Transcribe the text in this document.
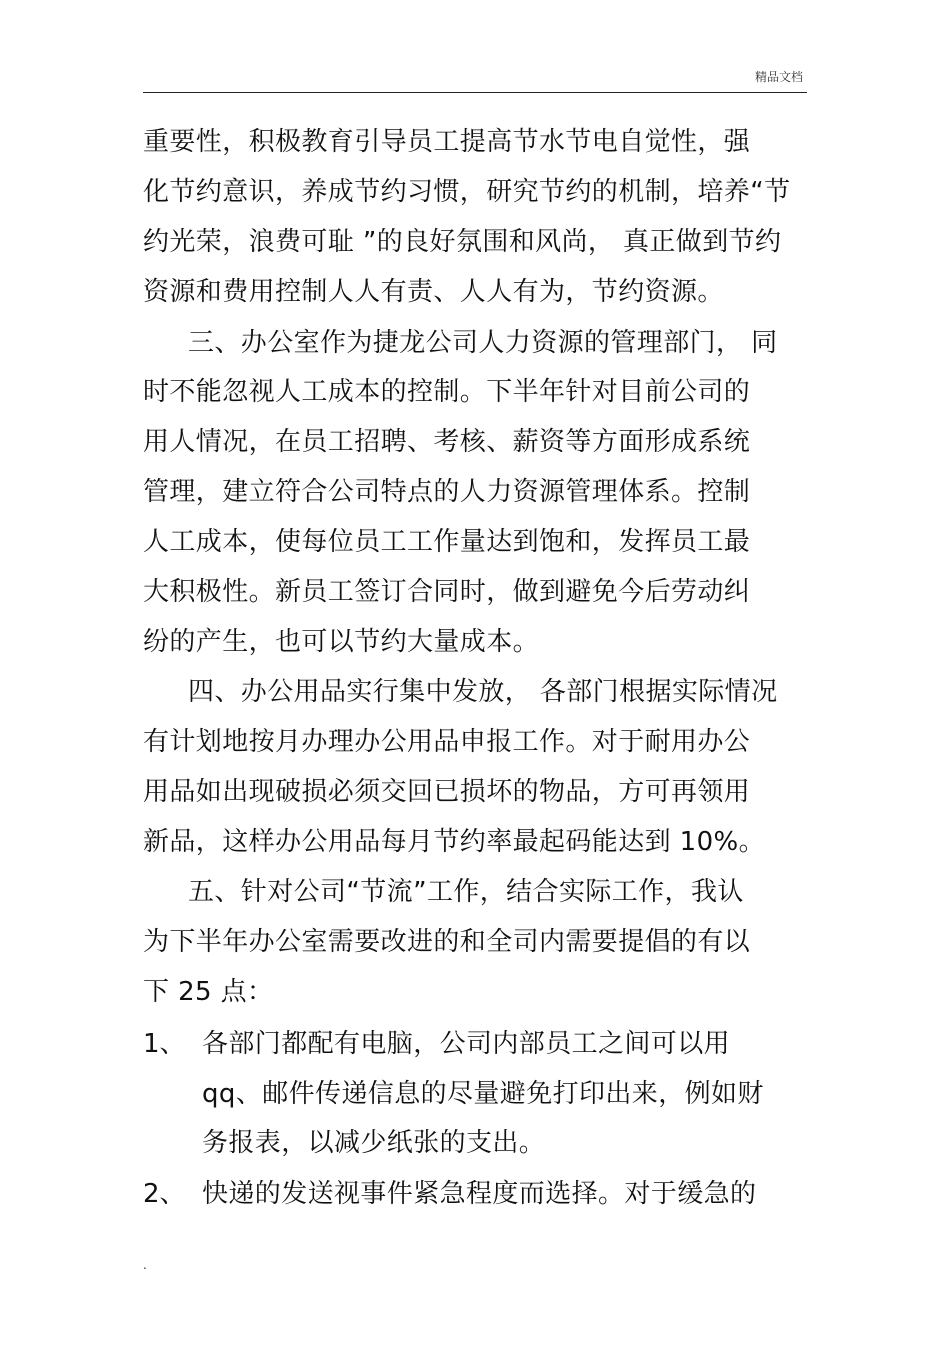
精品文档
重要性，积极教育引导员工提高节水节电自觉性，强
化节约意识，养成节约习惯，研究节约的机制，培养“节
约光荣，浪费可耻 ”的良好氛围和风尚， 真正做到节约
资源和费用控制人人有责、人人有为，节约资源。
三、办公室作为捷龙公司人力资源的管理部门， 同
时不能忽视人工成本的控制。下半年针对目前公司的
用人情况，在员工招聘、考核、薪资等方面形成系统
管理，建立符合公司特点的人力资源管理体系。控制
人工成本，使每位员工工作量达到饱和，发挥员工最
大积极性。新员工签订合同时，做到避免今后劳动纠
纷的产生，也可以节约大量成本。
四、办公用品实行集中发放， 各部门根据实际情况
有计划地按月办理办公用品申报工作。对于耐用办公
用品如出现破损必须交回已损坏的物品，方可再领用
新品，这样办公用品每月节约率最起码能达到 10%。
五、针对公司“节流”工作，结合实际工作，我认
为下半年办公室需要改进的和全司内需要提倡的有以
下 25 点：
1、 各部门都配有电脑，公司内部员工之间可以用
qq、邮件传递信息的尽量避免打印出来，例如财
务报表，以减少纸张的支出。
2、 快递的发送视事件紧急程度而选择。对于缓急的
.
